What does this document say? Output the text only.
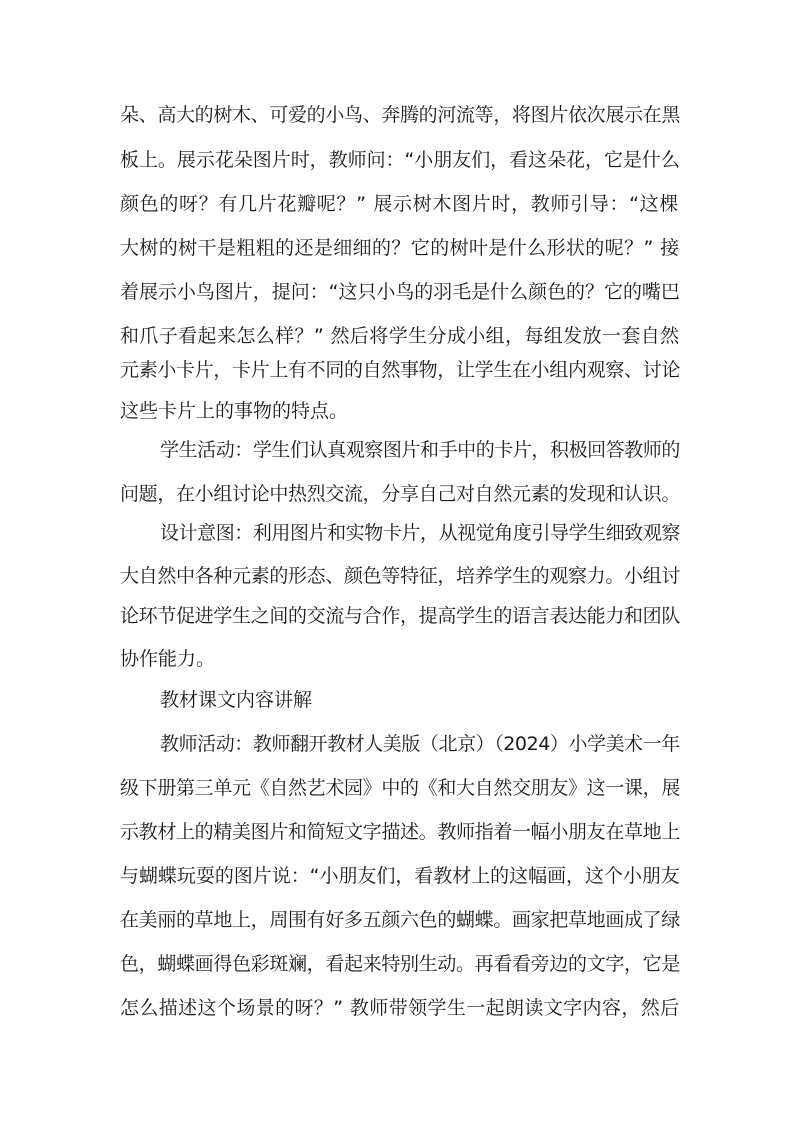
朵、高大的树木、可爱的小鸟、奔腾的河流等，将图片依次展示在黑
板上。展示花朵图片时，教师问：“小朋友们，看这朵花，它是什么
颜色的呀？有几片花瓣呢？” 展示树木图片时，教师引导：“这棵
大树的树干是粗粗的还是细细的？它的树叶是什么形状的呢？” 接
着展示小鸟图片，提问：“这只小鸟的羽毛是什么颜色的？它的嘴巴
和爪子看起来怎么样？” 然后将学生分成小组，每组发放一套自然
元素小卡片，卡片上有不同的自然事物，让学生在小组内观察、讨论
这些卡片上的事物的特点。
学生活动：学生们认真观察图片和手中的卡片，积极回答教师的
问题，在小组讨论中热烈交流，分享自己对自然元素的发现和认识。
设计意图：利用图片和实物卡片，从视觉角度引导学生细致观察
大自然中各种元素的形态、颜色等特征，培养学生的观察力。小组讨
论环节促进学生之间的交流与合作，提高学生的语言表达能力和团队
协作能力。
教材课文内容讲解
教师活动：教师翻开教材人美版（北京）（2024）小学美术一年
级下册第三单元《自然艺术园》中的《和大自然交朋友》这一课，展
示教材上的精美图片和简短文字描述。教师指着一幅小朋友在草地上
与蝴蝶玩耍的图片说：“小朋友们，看教材上的这幅画，这个小朋友
在美丽的草地上，周围有好多五颜六色的蝴蝶。画家把草地画成了绿
色，蝴蝶画得色彩斑斓，看起来特别生动。再看看旁边的文字，它是
怎么描述这个场景的呀？” 教师带领学生一起朗读文字内容，然后
